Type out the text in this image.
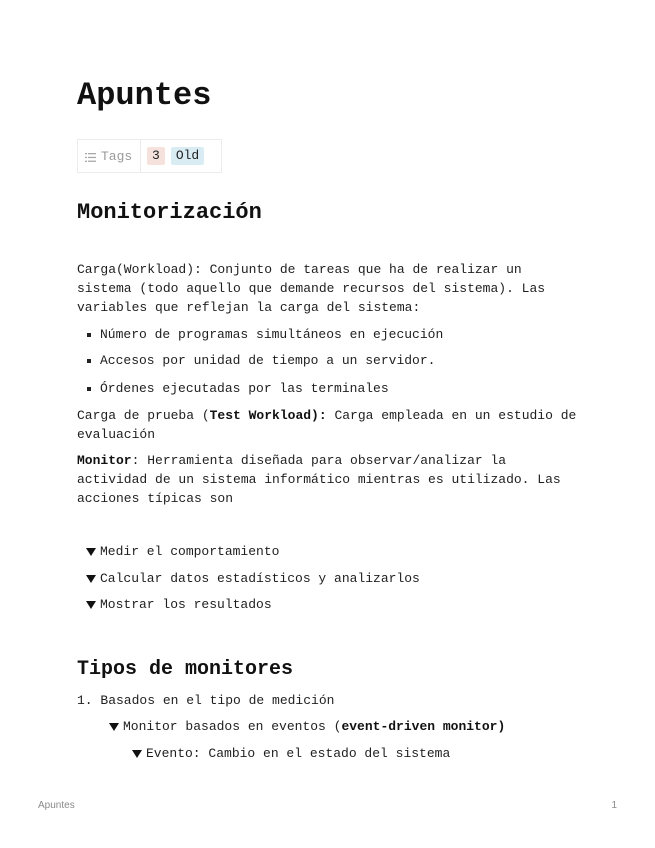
Apuntes
Tags	3	Old
Monitorización
Carga(Workload): Conjunto de tareas que ha de realizar un
sistema (todo aquello que demande recursos del sistema). Las
variables que reflejan la carga del sistema:
Número de programas simultáneos en ejecución
Accesos por unidad de tiempo a un servidor.
Órdenes ejecutadas por las terminales
Carga de prueba (Test Workload): Carga empleada en un estudio de
evaluación
Monitor: Herramienta diseñada para observar/analizar la
actividad de un sistema informático mientras es utilizado. Las
acciones típicas son
Medir el comportamiento
Calcular datos estadísticos y analizarlos
Mostrar los resultados
Tipos de monitores
1. Basados en el tipo de medición
Monitor basados en eventos ( event-driven monitor)
Evento: Cambio en el estado del sistema
Apuntes	1
